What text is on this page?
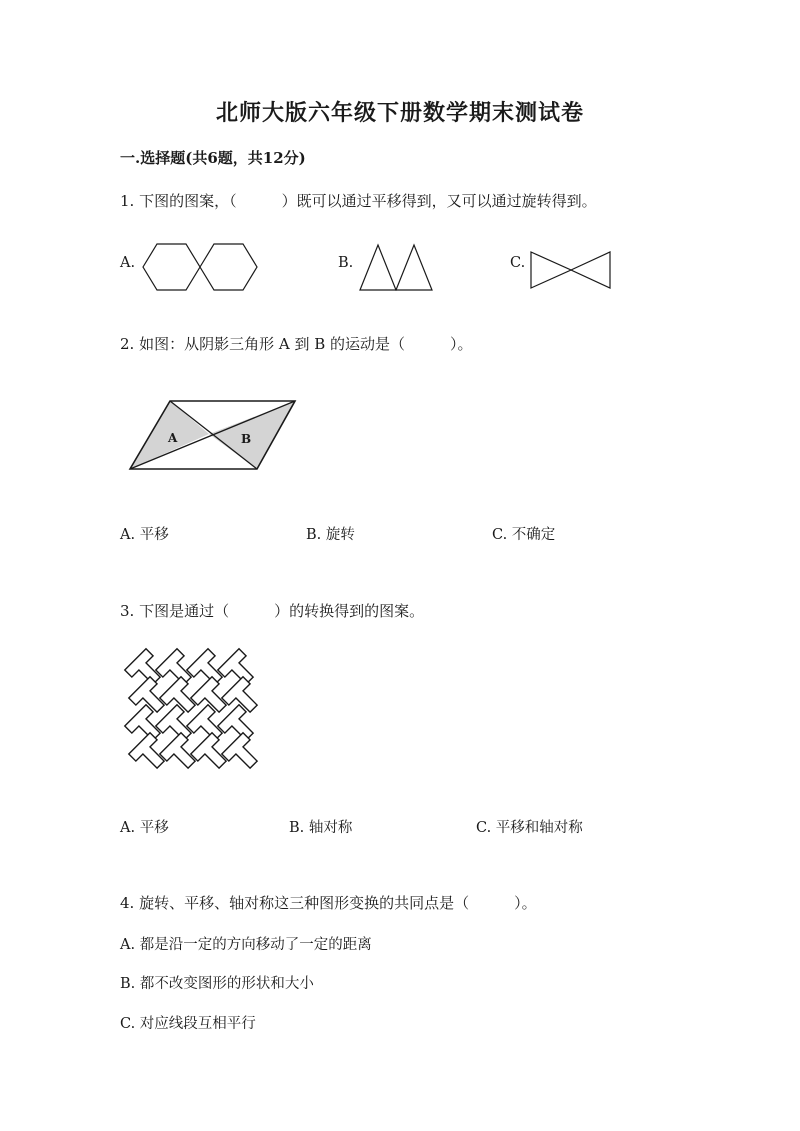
北师大版六年级下册数学期末测试卷
一.选择题(共6题，共12分)
1. 下图的图案，（　　　）既可以通过平移得到，又可以通过旋转得到。
A.	B.	C.
2. 如图：从阴影三角形 A 到 B 的运动是（　　　）。
A	B
A. 平移	B. 旋转	C. 不确定
3. 下图是通过（　　　）的转换得到的图案。
A. 平移	B. 轴对称	C. 平移和轴对称
4. 旋转、平移、轴对称这三种图形变换的共同点是（　　　）。
A. 都是沿一定的方向移动了一定的距离
B. 都不改变图形的形状和大小
C. 对应线段互相平行
